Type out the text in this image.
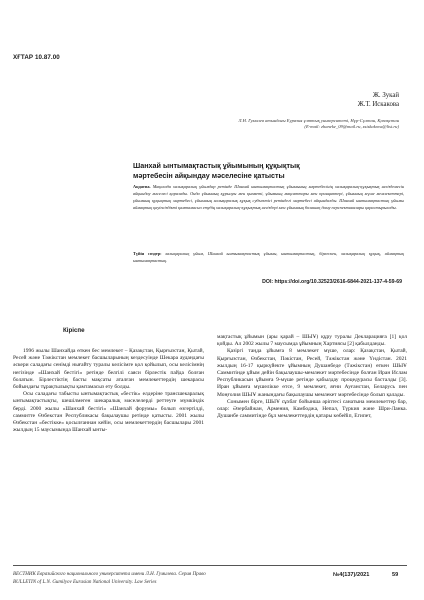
ХҒТАР 10.87.00
Ж. Зукай
Ж.Т. Искакова
Л.Н. Гумилев атындағы Еуразия ұлттық университеті, Нұр-Сұлтан, Қазақстан
(E-mail: zhaneke_09@mail.ru, zsiskakova@list.ru)
Шанхай ынтымақтастық ұйымының құқықтық
мәртебесін айқындау мәселесіне қатысты
Аңдатпа. Мақалада халықаралық ұйымдар ретінде Шанхай ынтымақтастық ұйымының мәртебесінің халықаралық-құқықтық негіздемесін айқындау мәселесі қаралады. Онда ұйымның құрылуы мен қызметі, ұйымның мақсаттары мен принциптері, ұйымның мүше мемлекеттері, ұйымның құқықтық мәртебесі, ұйымның халықаралық құқық субъектісі ретіндегі мәртебесі айқындалды. Шанхай ынтымақтастық ұйымы аймақтық қауіпсіздікті қамтамасыз етудің халықаралық-құқықтық негіздері мен ұйымның болашақ даму перспективалары қарастырылады.
Түйін сөздер: халықаралық ұйым, Шанхай ынтымақтастық ұйымы, ынтымақтастық, бірлескен, халықаралық құқық, аймақтық ынтымақтастық.
DOI: https://doi.org/10.32523/2616-6844-2021-137-4-59-69
Кіріспе

1996 жылы Шанхайда өткен бес мемлекет – Қазақстан, Қырғызстан, Қытай, Ресей және Тәжікстан мемлекет басшыларының кездесуінде Шекара аудандағы әскери саладағы сенімді нығайту туралы келісімге қол қойылып, осы келісімнің негізінде «Шанхай бестігі» ретінде белгілі саяси бірлестік пайда болған болатын. Бірлестіктің басты мақсаты аталған мемлекеттердің шекарасы бойындағы тұрақтылықты қамтамасыз ету болды.

Осы саладағы табысты ынтымақтастық «бестік» елдеріне трансшекаралық ынтымақтастықты, шешілмеген шекаралық мәселелерді реттеуге мүмкіндік берді. 2000 жылы «Шанхай бестігі» «Шанхай форумы» болып өзгертілді, саммитте Өзбекстан Республикасы бақылаушы ретінде қатысты. 2001 жылы Өзбекстан «бестікке» қосылғаннан кейін, осы мемлекеттердің басшылары 2001 жылдың 15 маусымында Шанхай ынты-

мақтастық ұйымын (ары қарай – ШЫҰ) құру туралы Декларацияға [1] қол қойды. Ал 2002 жылы 7 маусымда ұйымның Хартиясы [2] қабылданды.

Қазіргі таңда ұйымға 8 мемлекет мүше, олар: Қазақстан, Қытай, Қырғызстан, Өзбекстан, Пәкістан, Ресей, Тәжікстан және Үндістан. 2021 жылдың 16-17 қыркүйекте ұйымның Душанбеде (Тәжікстан) өткен ШЫҰ Саммитінде ұйым дейін бақылаушы-мемлекет мәртебесінде болған Иран Ислам Республикасын ұйымға 9-мүше ретінде қабылдау процедурасы басталды [3]. Иран ұйымға мүшелікке өтсе, 9 мемлекет, яғни Ауғанстан, Беларусь пен Моңғолия ШЫҰ жанындағы бақылаушы мемлекет мәртебесінде болып қалады.

Сонымен бірге, ШЫҰ сұхбат бойынша әріптесі санатына мемлекеттер бар, олар: Әзербайжан, Армения, Камбоджа, Непал, Түркия және Шри-Ланка. Душанбе саммитінде бұл мемлекеттердің қатары көбейіп, Египет,

ВЕСТНИК Евразийского национального университета имени Л.Н. Гумилева. Серия Право
BULLETIN of L.N. Gumilyov Eurasian National University. Law Series
№4(137)/2021	59
